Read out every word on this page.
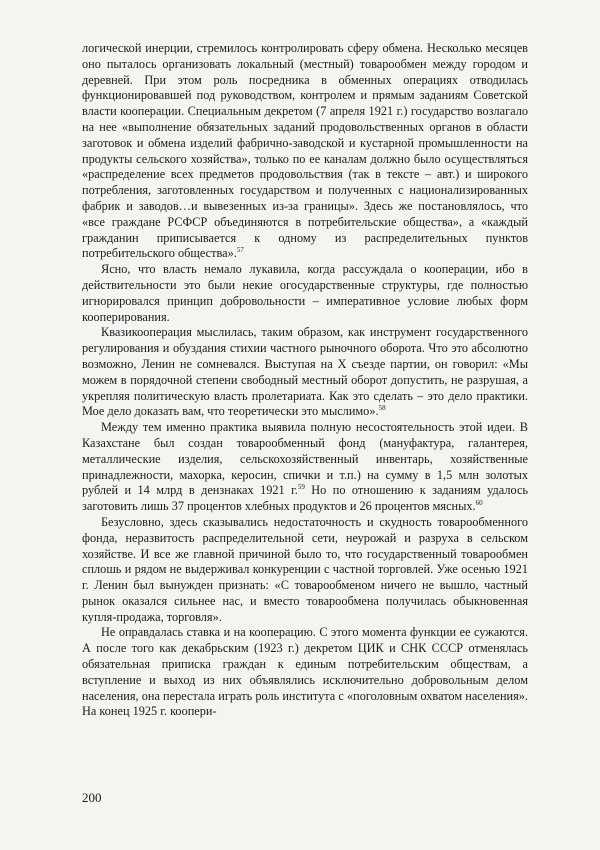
логической инерции, стремилось контролировать сферу обмена. Несколько месяцев оно пыталось организовать локальный (местный) товарообмен между городом и деревней. При этом роль посредника в обменных операциях отводилась функционировавшей под руководством, контролем и прямым заданиям Советской власти кооперации. Специальным декретом (7 апреля 1921 г.) государство возлагало на нее «выполнение обязательных заданий продовольственных органов в области заготовок и обмена изделий фабрично-заводской и кустарной промышленности на продукты сельского хозяйства», только по ее каналам должно было осуществляться «распределение всех предметов продовольствия (так в тексте – авт.) и широкого потребления, заготовленных государством и полученных с национализированных фабрик и заводов…и вывезенных из-за границы». Здесь же постановлялось, что «все граждане РСФСР объединяются в потребительские общества», а «каждый гражданин приписывается к одному из распределительных пунктов потребительского общества».$^{57}$

Ясно, что власть немало лукавила, когда рассуждала о кооперации, ибо в действительности это были некие огосударственные структуры, где полностью игнорировался принцип добровольности – императивное условие любых форм кооперирования.

Квазикооперация мыслилась, таким образом, как инструмент государственного регулирования и обуздания стихии частного рыночного оборота. Что это абсолютно возможно, Ленин не сомневался. Выступая на X съезде партии, он говорил: «Мы можем в порядочной степени свободный местный оборот допустить, не разрушая, а укрепляя политическую власть пролетариата. Как это сделать – это дело практики. Мое дело доказать вам, что теоретически это мыслимо».$^{58}$

Между тем именно практика выявила полную несостоятельность этой идеи. В Казахстане был создан товарообменный фонд (мануфактура, галантерея, металлические изделия, сельскохозяйственный инвентарь, хозяйственные принадлежности, махорка, керосин, спички и т.п.) на сумму в 1,5 млн золотых рублей и 14 млрд в дензнаках 1921 г.$^{59}$ Но по отношению к заданиям удалось заготовить лишь 37 процентов хлебных продуктов и 26 процентов мясных.$^{60}$

Безусловно, здесь сказывались недостаточность и скудность товарообменного фонда, неразвитость распределительной сети, неурожай и разруха в сельском хозяйстве. И все же главной причиной было то, что государственный товарообмен сплошь и рядом не выдерживал конкуренции с частной торговлей. Уже осенью 1921 г. Ленин был вынужден признать: «С товарообменом ничего не вышло, частный рынок оказался сильнее нас, и вместо товарообмена получилась обыкновенная купля-продажа, торговля».

Не оправдалась ставка и на кооперацию. С этого момента функции ее сужаются. А после того как декабрьским (1923 г.) декретом ЦИК и СНК СССР отменялась обязательная приписка граждан к единым потребительским обществам, а вступление и выход из них объявлялись исключительно добровольным делом населения, она перестала играть роль института с «поголовным охватом населения». На конец 1925 г. коопери-

200
